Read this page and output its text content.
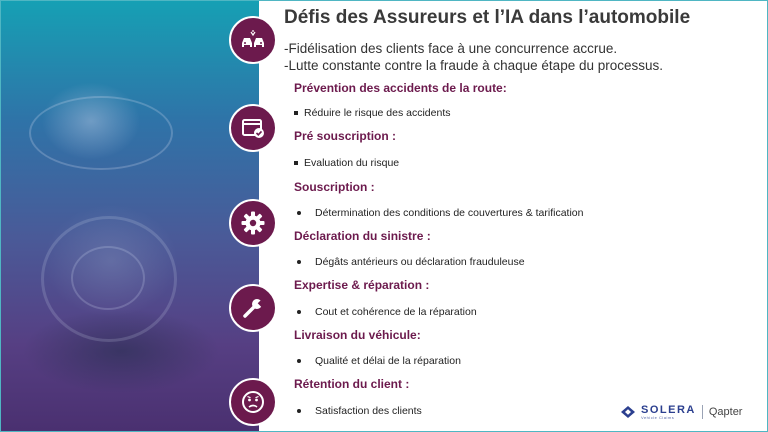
Défis des Assureurs et l’IA dans l’automobile
-Fidélisation des clients face à une concurrence accrue.
-Lutte constante contre la fraude à chaque étape du processus.
Prévention des accidents de la route:
Réduire le risque des accidents
Pré souscription :
Evaluation du risque
Souscription :
Détermination des conditions de couvertures & tarification
Déclaration du sinistre :
Dégâts antérieurs ou déclaration frauduleuse
Expertise & réparation :
Cout et cohérence de la réparation
Livraison du véhicule:
Qualité et délai de la réparation
Rétention du client :
Satisfaction des clients	SOLERA
Vehicle Claims	Qapter
